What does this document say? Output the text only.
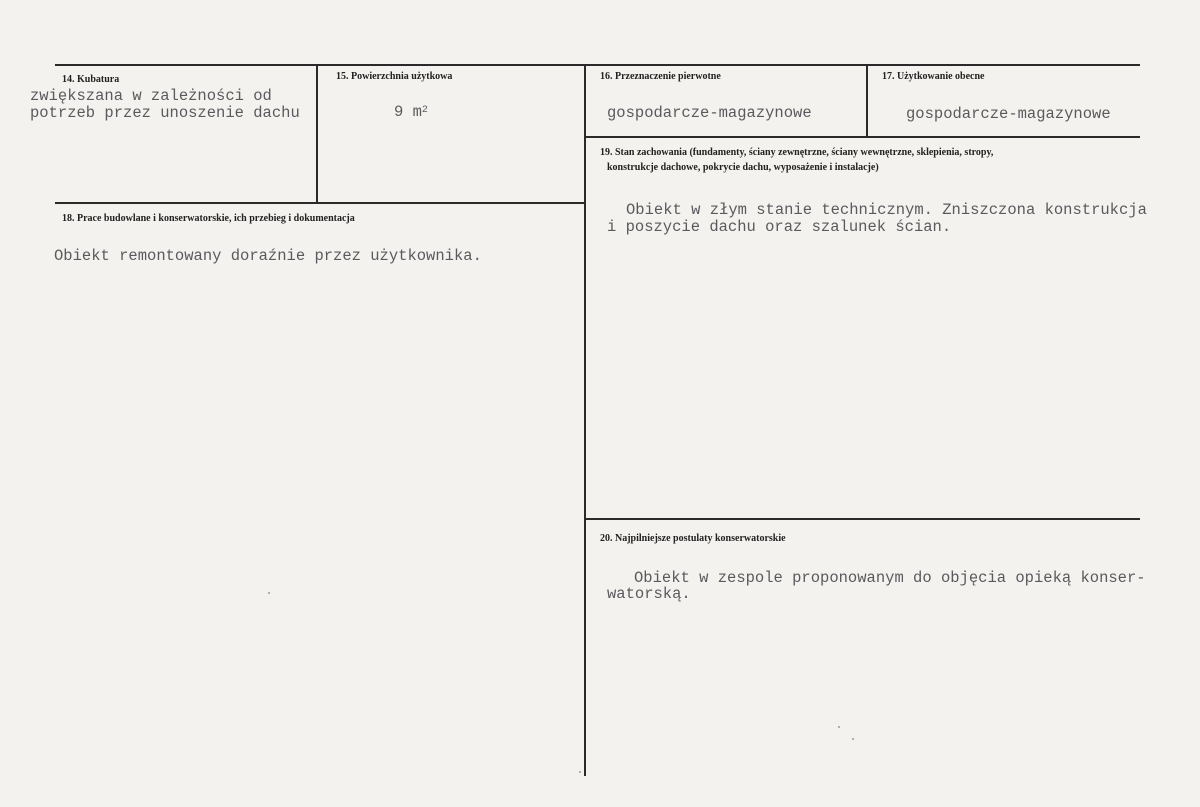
14. Kubatura
zwiększana w zależności od
potrzeb przez unoszenie dachu
15. Powierzchnia użytkowa
9 $m^2$
16. Przeznaczenie pierwotne
gospodarcze-magazynowe
17. Użytkowanie obecne
gospodarcze-magazynowe
18. Prace budowlane i konserwatorskie, ich przebieg i dokumentacja
Obiekt remontowany doraźnie przez użytkownika.
19. Stan zachowania (fundamenty, ściany zewnętrzne, ściany wewnętrzne, sklepienia, stropy,
konstrukcje dachowe, pokrycie dachu, wyposażenie i instalacje)
Obiekt w złym stanie technicznym. Zniszczona konstrukcja
i poszycie dachu oraz szalunek ścian.
20. Najpilniejsze postulaty konserwatorskie
Obiekt w zespole proponowanym do objęcia opieką konser-
watorską.
